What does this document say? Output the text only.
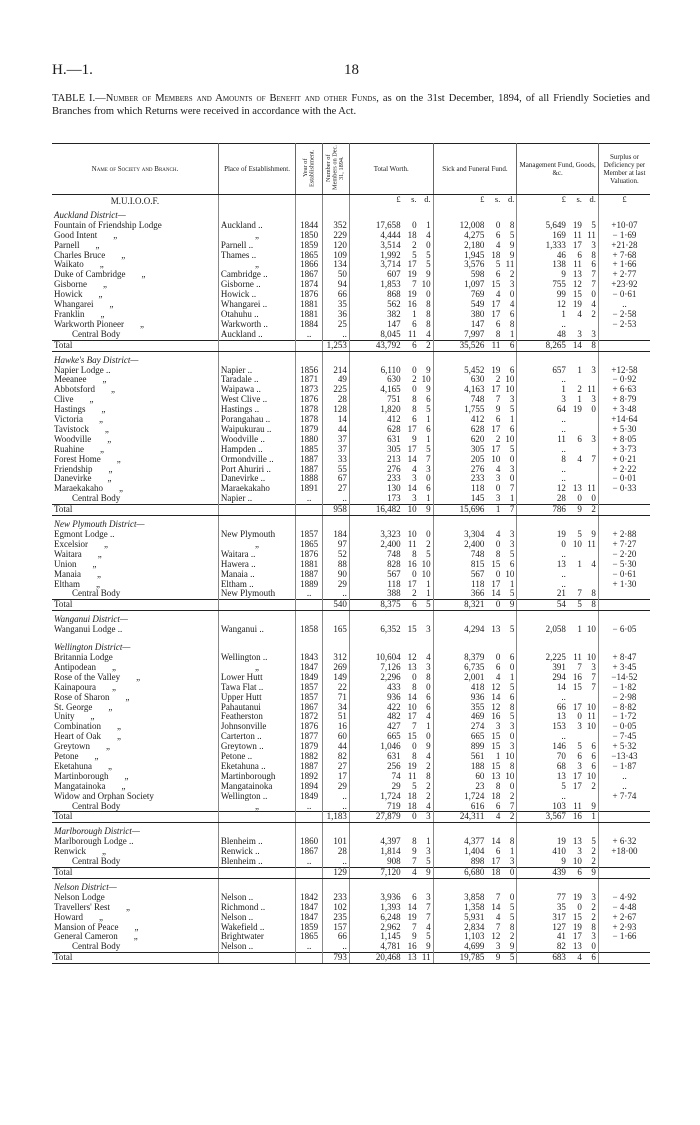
H.—1.	18
TABLE I.—Number of Members and Amounts of Benefit and other Funds, as on the 31st December, 1894, of all Friendly Societies and Branches from which Returns were received in accordance with the Act.
Name of Society and Branch.	Place of Establishment.	Year of Establishment.	Number of Members on Dec. 31, 1894.	Total Worth.	Sick and Funeral Fund.	Management Fund, Goods, &c.	Surplus or Deficiency per Member at last Valuation.
M.U.I.O.O.F.				£ s. d.	£ s. d.	£ s. d.	£
Auckland District—							
Fountain of Friendship Lodge	Auckland ..	1844	352	17,658 0 1	12,008 0 8	5,649 19 5	+10·07
Good Intent „	„	1850	229	4,444 18 4	4,275 6 5	169 11 11	− 1·69
Parnell „	Parnell ..	1859	120	3,514 2 0	2,180 4 9	1,333 17 3	+21·28
Charles Bruce „	Thames ..	1865	109	1,992 5 5	1,945 18 9	46 6 8	+ 7·68
Waikato „	„	1866	134	3,714 17 5	3,576 5 11	138 11 6	+ 1·66
Duke of Cambridge „	Cambridge ..	1867	50	607 19 9	598 6 2	9 13 7	+ 2·77
Gisborne „	Gisborne ..	1874	94	1,853 7 10	1,097 15 3	755 12 7	+23·92
Howick „	Howick ..	1876	66	868 19 0	769 4 0	99 15 0	− 0·61
Whangarei „	Whangarei ..	1881	35	562 16 8	549 17 4	12 19 4	..
Franklin „	Otahuhu ..	1881	36	382 1 8	380 17 6	1 4 2	− 2·58
Warkworth Pioneer „	Warkworth ..	1884	25	147 6 8	147 6 8	..	− 2·53
Central Body	Auckland ..	..	..	8,045 11 4	7,997 8 1	48 3 3	
Total			1,253	43,792 6 2	35,526 11 6	8,265 14 8	
Hawke's Bay District—							
Napier Lodge ..	Napier ..	1856	214	6,110 0 9	5,452 19 6	657 1 3	+12·58
Meeanee „	Taradale ..	1871	49	630 2 10	630 2 10	..	− 0·92
Abbotsford „	Waipawa ..	1873	225	4,165 0 9	4,163 17 10	1 2 11	+ 6·63
Clive „	West Clive ..	1876	28	751 8 6	748 7 3	3 1 3	+ 8·79
Hastings „	Hastings ..	1878	128	1,820 8 5	1,755 9 5	64 19 0	+ 3·48
Victoria „	Porangahau ..	1878	14	412 6 1	412 6 1	..	+14·64
Tavistock „	Waipukurau ..	1879	44	628 17 6	628 17 6	..	+ 5·30
Woodville „	Woodville ..	1880	37	631 9 1	620 2 10	11 6 3	+ 8·05
Ruahine „	Hampden ..	1885	37	305 17 5	305 17 5	..	+ 3·73
Forest Home „	Ormondville ..	1887	33	213 14 7	205 10 0	8 4 7	+ 0·21
Friendship „	Port Ahuriri ..	1887	55	276 4 3	276 4 3	..	+ 2·22
Danevirke „	Danevirke ..	1888	67	233 3 0	233 3 0	..	− 0·01
Maraekakaho „	Maraekakaho	1891	27	130 14 6	118 0 7	12 13 11	− 0·33
Central Body	Napier ..	..	..	173 3 1	145 3 1	28 0 0	
Total			958	16,482 10 9	15,696 1 7	786 9 2	
New Plymouth District—							
Egmont Lodge ..	New Plymouth	1857	184	3,323 10 0	3,304 4 3	19 5 9	+ 2·88
Excelsior „	„	1865	97	2,400 11 2	2,400 0 3	0 10 11	+ 7·27
Waitara „	Waitara ..	1876	52	748 8 5	748 8 5	..	− 2·20
Union „	Hawera ..	1881	88	828 16 10	815 15 6	13 1 4	− 5·30
Manaia „	Manaia ..	1887	90	567 0 10	567 0 10	..	− 0·61
Eltham „	Eltham ..	1889	29	118 17 1	118 17 1	..	+ 1·30
Central Body	New Plymouth	..	..	388 2 1	366 14 5	21 7 8	
Total			540	8,375 6 5	8,321 0 9	54 5 8	
Wanganui District—							
Wanganui Lodge ..	Wanganui ..	1858	165	6,352 15 3	4,294 13 5	2,058 1 10	− 6·05

Wellington District—							
Britannia Lodge	Wellington ..	1843	312	10,604 12 4	8,379 0 6	2,225 11 10	+ 8·47
Antipodean „	„	1847	269	7,126 13 3	6,735 6 0	391 7 3	+ 3·45
Rose of the Valley „	Lower Hutt	1849	149	2,296 0 8	2,001 4 1	294 16 7	−14·52
Kainapoura „	Tawa Flat ..	1857	22	433 8 0	418 12 5	14 15 7	− 1·82
Rose of Sharon „	Upper Hutt	1857	71	936 14 6	936 14 6	..	− 2·98
St. George „	Pahautanui	1867	34	422 10 6	355 12 8	66 17 10	− 8·82
Unity „	Featherston	1872	51	482 17 4	469 16 5	13 0 11	− 1·72
Combination „	Johnsonville	1876	16	427 7 1	274 3 3	153 3 10	− 0·05
Heart of Oak „	Carterton ..	1877	60	665 15 0	665 15 0	..	− 7·45
Greytown „	Greytown ..	1879	44	1,046 0 9	899 15 3	146 5 6	+ 5·32
Petone „	Petone ..	1882	82	631 8 4	561 1 10	70 6 6	−13·43
Eketahuna „	Eketahuna ..	1887	27	256 19 2	188 15 8	68 3 6	− 1·87
Martinborough „	Martinborough	1892	17	74 11 8	60 13 10	13 17 10	..
Mangatainoka „	Mangatainoka	1894	29	29 5 2	23 8 0	5 17 2	..
Widow and Orphan Society	Wellington ..	1849	..	1,724 18 2	1,724 18 2	..	+ 7·74
Central Body	„	..	..	719 18 4	616 6 7	103 11 9	
Total			1,183	27,879 0 3	24,311 4 2	3,567 16 1	
Marlborough District—							
Marlborough Lodge ..	Blenheim ..	1860	101	4,397 8 1	4,377 14 8	19 13 5	+ 6·32
Renwick „	Renwick ..	1867	28	1,814 9 3	1,404 6 1	410 3 2	+18·00
Central Body	Blenheim ..	..	..	908 7 5	898 17 3	9 10 2	
Total			129	7,120 4 9	6,680 18 0	439 6 9	
Nelson District—							
Nelson Lodge	Nelson ..	1842	233	3,936 6 3	3,858 7 0	77 19 3	− 4·92
Travellers' Rest „	Richmond ..	1847	102	1,393 14 7	1,358 14 5	35 0 2	− 4·48
Howard „	Nelson ..	1847	235	6,248 19 7	5,931 4 5	317 15 2	+ 2·67
Mansion of Peace „	Wakefield ..	1859	157	2,962 7 4	2,834 7 8	127 19 8	+ 2·93
General Cameron „	Brightwater	1865	66	1,145 9 5	1,103 12 2	41 17 3	− 1·66
Central Body	Nelson ..	..	..	4,781 16 9	4,699 3 9	82 13 0	
Total			793	20,468 13 11	19,785 9 5	683 4 6	
